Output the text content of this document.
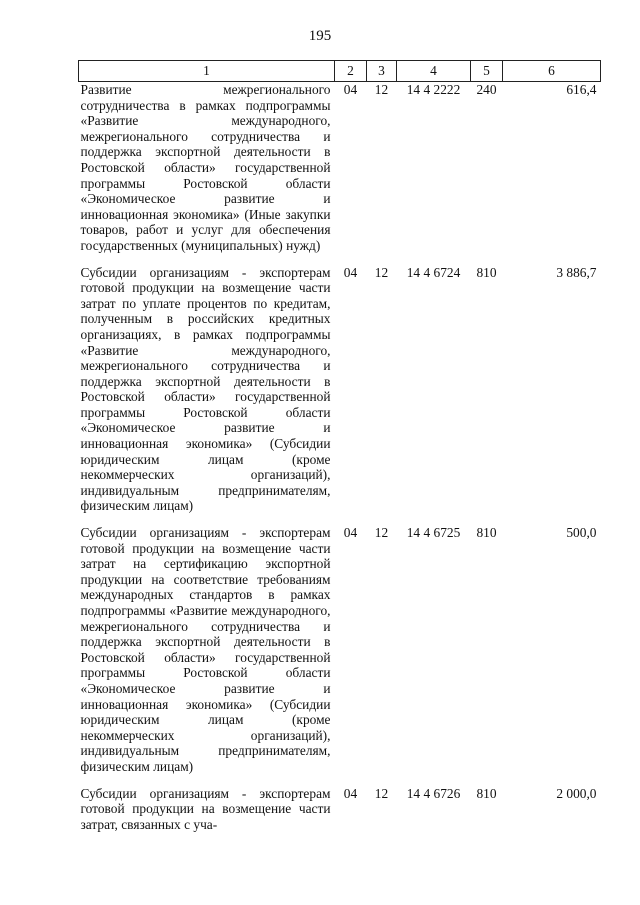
195
1	2	3	4	5	6
Развитие межрегионального сотрудничества в рамках подпрограммы «Развитие международного, межрегионального сотрудничества и поддержка экспортной деятельности в Ростовской области» государственной программы Ростовской области «Экономическое развитие и инновационная экономика» (Иные закупки товаров, работ и услуг для обеспечения государственных (муниципальных) нужд)	04	12	14 4 2222	240	616,4
Субсидии организациям - экспортерам готовой продукции на возмещение части затрат по уплате процентов по кредитам, полученным в российских кредитных организациях, в рамках подпрограммы «Развитие международного, межрегионального сотрудничества и поддержка экспортной деятельности в Ростовской области» государственной программы Ростовской области «Экономическое развитие и инновационная экономика» (Субсидии юридическим лицам (кроме некоммерческих организаций), индивидуальным предпринимателям, физическим лицам)	04	12	14 4 6724	810	3 886,7
Субсидии организациям - экспортерам готовой продукции на возмещение части затрат на сертификацию экспортной продукции на соответствие требованиям международных стандартов в рамках подпрограммы «Развитие международного, межрегионального сотрудничества и поддержка экспортной деятельности в Ростовской области» государственной программы Ростовской области «Экономическое развитие и инновационная экономика» (Субсидии юридическим лицам (кроме некоммерческих организаций), индивидуальным предпринимателям, физическим лицам)	04	12	14 4 6725	810	500,0
Субсидии организациям - экспортерам готовой продукции на возмещение части затрат, связанных с уча-	04	12	14 4 6726	810	2 000,0
